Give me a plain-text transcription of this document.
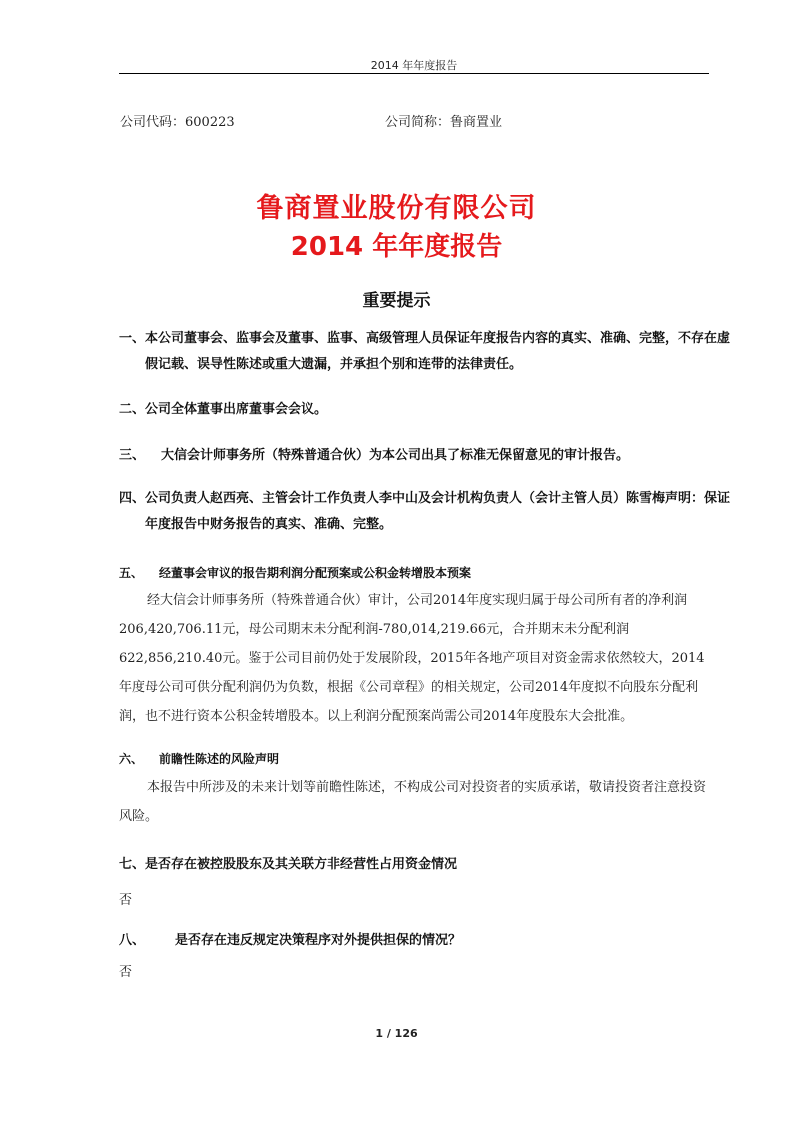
2014 年年度报告
公司代码：600223	公司简称：鲁商置业
鲁商置业股份有限公司
2014 年年度报告
重要提示
一、本公司董事会、监事会及董事、监事、高级管理人员保证年度报告内容的真实、准确、完整，不存在虚假记载、误导性陈述或重大遗漏，并承担个别和连带的法律责任。
二、公司全体董事出席董事会会议。
三、 大信会计师事务所（特殊普通合伙）为本公司出具了标准无保留意见的审计报告。
四、公司负责人赵西亮、主管会计工作负责人李中山及会计机构负责人（会计主管人员）陈雪梅声明：保证年度报告中财务报告的真实、准确、完整。
五、 经董事会审议的报告期利润分配预案或公积金转增股本预案
经大信会计师事务所（特殊普通合伙）审计，公司2014年度实现归属于母公司所有者的净利润206,420,706.11元，母公司期末未分配利润-780,014,219.66元，合并期末未分配利润622,856,210.40元。鉴于公司目前仍处于发展阶段，2015年各地产项目对资金需求依然较大，2014年度母公司可供分配利润仍为负数，根据《公司章程》的相关规定，公司2014年度拟不向股东分配利润，也不进行资本公积金转增股本。以上利润分配预案尚需公司2014年度股东大会批准。
六、 前瞻性陈述的风险声明
本报告中所涉及的未来计划等前瞻性陈述，不构成公司对投资者的实质承诺，敬请投资者注意投资风险。
七、是否存在被控股股东及其关联方非经营性占用资金情况
否
八、 是否存在违反规定决策程序对外提供担保的情况？
否
1 / 126
